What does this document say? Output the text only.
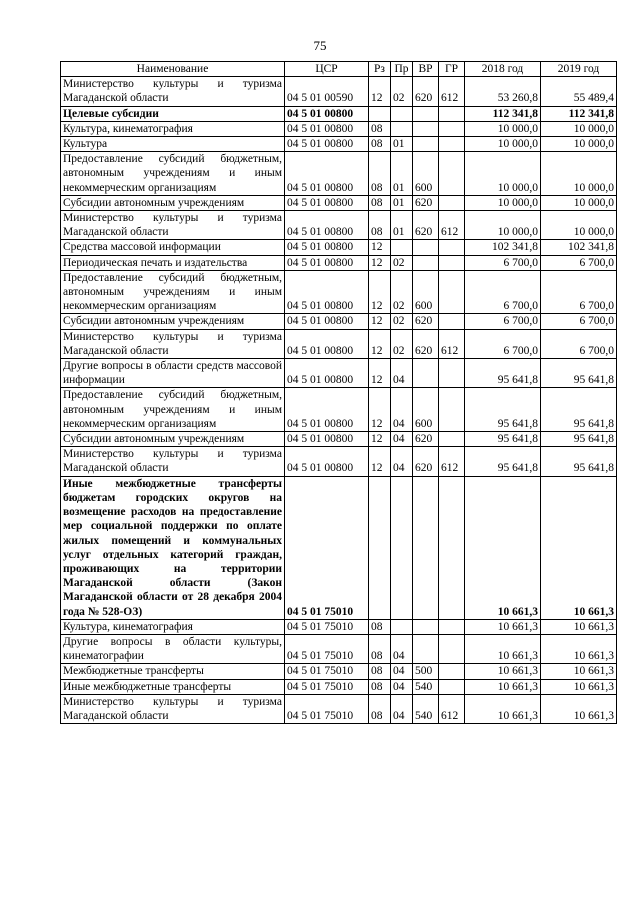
75
Наименование	ЦСР	Рз	Пр	ВР	ГР	2018 год	2019 год
Министерство культуры и туризма Магаданской области	04 5 01 00590	12	02	620	612	53 260,8	55 489,4
Целевые субсидии	04 5 01 00800					112 341,8	112 341,8
Культура, кинематография	04 5 01 00800	08				10 000,0	10 000,0
Культура	04 5 01 00800	08	01			10 000,0	10 000,0
Предоставление субсидий бюджетным, автономным учреждениям и иным некоммерческим организациям	04 5 01 00800	08	01	600		10 000,0	10 000,0
Субсидии автономным учреждениям	04 5 01 00800	08	01	620		10 000,0	10 000,0
Министерство культуры и туризма Магаданской области	04 5 01 00800	08	01	620	612	10 000,0	10 000,0
Средства массовой информации	04 5 01 00800	12				102 341,8	102 341,8
Периодическая печать и издательства	04 5 01 00800	12	02			6 700,0	6 700,0
Предоставление субсидий бюджетным, автономным учреждениям и иным некоммерческим организациям	04 5 01 00800	12	02	600		6 700,0	6 700,0
Субсидии автономным учреждениям	04 5 01 00800	12	02	620		6 700,0	6 700,0
Министерство культуры и туризма Магаданской области	04 5 01 00800	12	02	620	612	6 700,0	6 700,0
Другие вопросы в области средств массовой информации	04 5 01 00800	12	04			95 641,8	95 641,8
Предоставление субсидий бюджетным, автономным учреждениям и иным некоммерческим организациям	04 5 01 00800	12	04	600		95 641,8	95 641,8
Субсидии автономным учреждениям	04 5 01 00800	12	04	620		95 641,8	95 641,8
Министерство культуры и туризма Магаданской области	04 5 01 00800	12	04	620	612	95 641,8	95 641,8
Иные межбюджетные трансферты бюджетам городских округов на возмещение расходов на предоставление мер социальной поддержки по оплате жилых помещений и коммунальных услуг отдельных категорий граждан, проживающих на территории Магаданской области (Закон Магаданской области от 28 декабря 2004 года № 528-ОЗ)	04 5 01 75010					10 661,3	10 661,3
Культура, кинематография	04 5 01 75010	08				10 661,3	10 661,3
Другие вопросы в области культуры, кинематографии	04 5 01 75010	08	04			10 661,3	10 661,3
Межбюджетные трансферты	04 5 01 75010	08	04	500		10 661,3	10 661,3
Иные межбюджетные трансферты	04 5 01 75010	08	04	540		10 661,3	10 661,3
Министерство культуры и туризма Магаданской области	04 5 01 75010	08	04	540	612	10 661,3	10 661,3
